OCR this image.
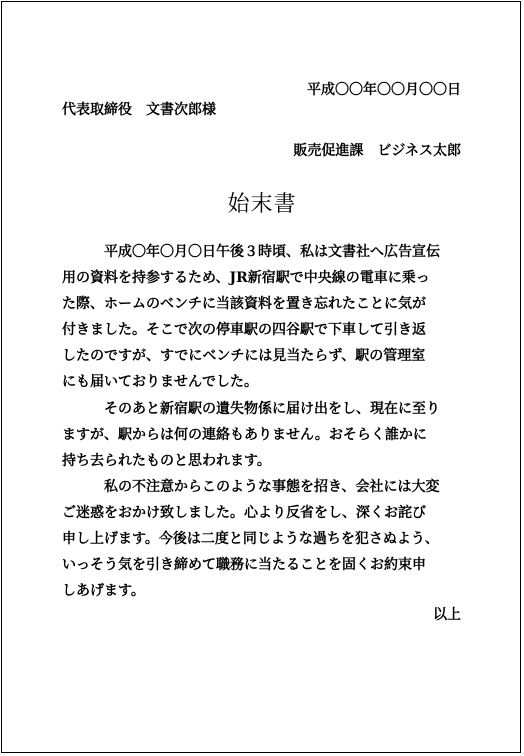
平成〇〇年〇〇月〇〇日
代表取締役　文書次郎様
販売促進課　ビジネス太郎
始末書
平成〇年〇月〇日午後３時頃、私は文書社へ広告宣伝
用の資料を持参するため、JR新宿駅で中央線の電車に乗っ
た際、ホームのベンチに当該資料を置き忘れたことに気が
付きました。そこで次の停車駅の四谷駅で下車して引き返
したのですが、すでにベンチには見当たらず、駅の管理室
にも届いておりませんでした。
そのあと新宿駅の遺失物係に届け出をし、現在に至り
ますが、駅からは何の連絡もありません。おそらく誰かに
持ち去られたものと思われます。
私の不注意からこのような事態を招き、会社には大変
ご迷惑をおかけ致しました。心より反省をし、深くお詫び
申し上げます。今後は二度と同じような過ちを犯さぬよう、
いっそう気を引き締めて職務に当たることを固くお約束申
しあげます。
以上
